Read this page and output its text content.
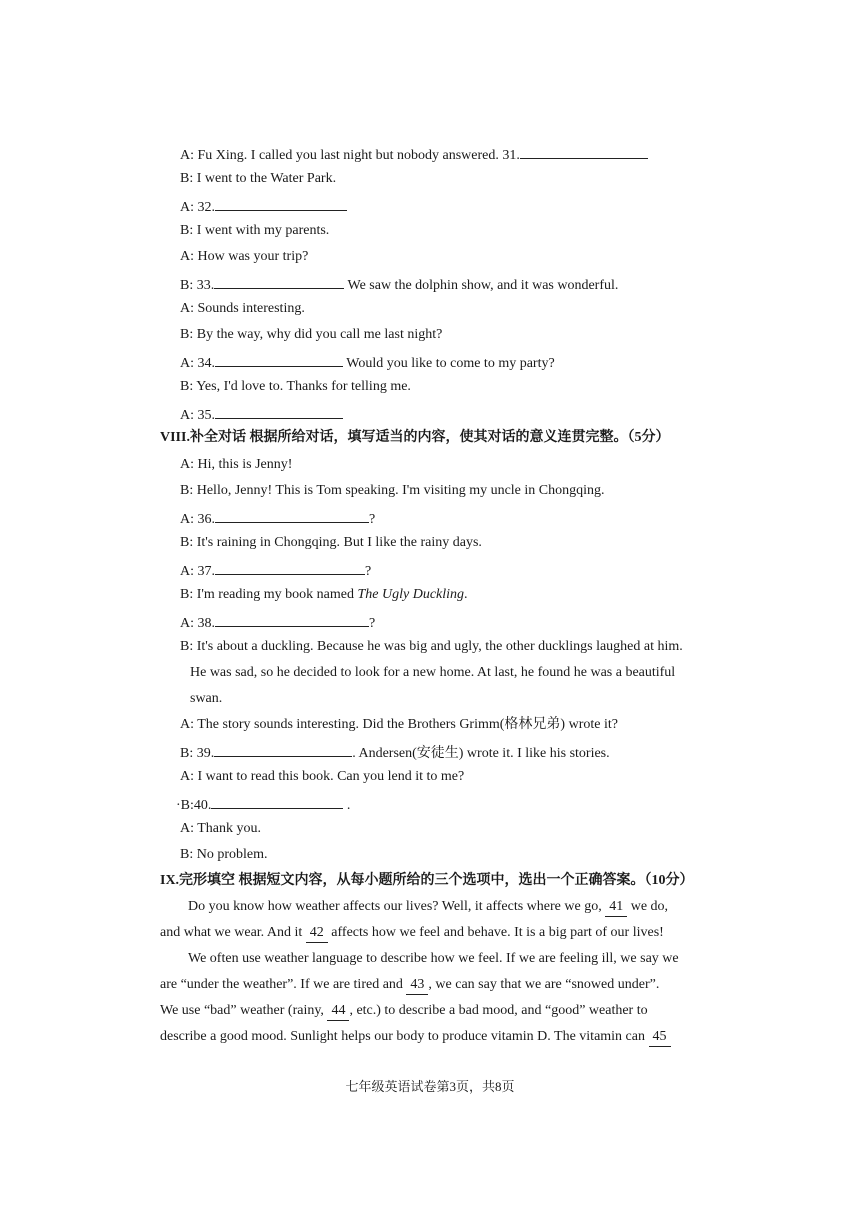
A: Fu Xing. I called you last night but nobody answered. 31.
B: I went to the Water Park.
A: 32.
B: I went with my parents.
A: How was your trip?
B: 33.	We saw the dolphin show, and it was wonderful.
A: Sounds interesting.
B: By the way, why did you call me last night?
A: 34.	Would you like to come to my party?
B: Yes, I'd love to. Thanks for telling me.
A: 35.
VIII.补全对话 根据所给对话，填写适当的内容，使其对话的意义连贯完整。（5分）
A: Hi, this is Jenny!
B: Hello, Jenny! This is Tom speaking. I'm visiting my uncle in Chongqing.
A: 36.	?
B: It's raining in Chongqing. But I like the rainy days.
A: 37.	?
B: I'm reading my book named The Ugly Duckling.
A: 38.	?
B: It's about a duckling. Because he was big and ugly, the other ducklings laughed at him.
He was sad, so he decided to look for a new home. At last, he found he was a beautiful
swan.
A: The story sounds interesting. Did the Brothers Grimm(格林兄弟) wrote it?
B: 39.	. Andersen(安徒生) wrote it. I like his stories.
A: I want to read this book. Can you lend it to me?
·B:40.	.
A: Thank you.
B: No problem.
IX.完形填空 根据短文内容，从每小题所给的三个选项中，选出一个正确答案。（10分）
Do you know how weather affects our lives? Well, it affects where we go, 41 we do,
and what we wear. And it 42 affects how we feel and behave. It is a big part of our lives!
We often use weather language to describe how we feel. If we are feeling ill, we say we
are “under the weather”. If we are tired and 43 , we can say that we are “snowed under”.
We use “bad” weather (rainy, 44 , etc.) to describe a bad mood, and “good” weather to
describe a good mood. Sunlight helps our body to produce vitamin D. The vitamin can 45
七年级英语试卷第3页，共8页
